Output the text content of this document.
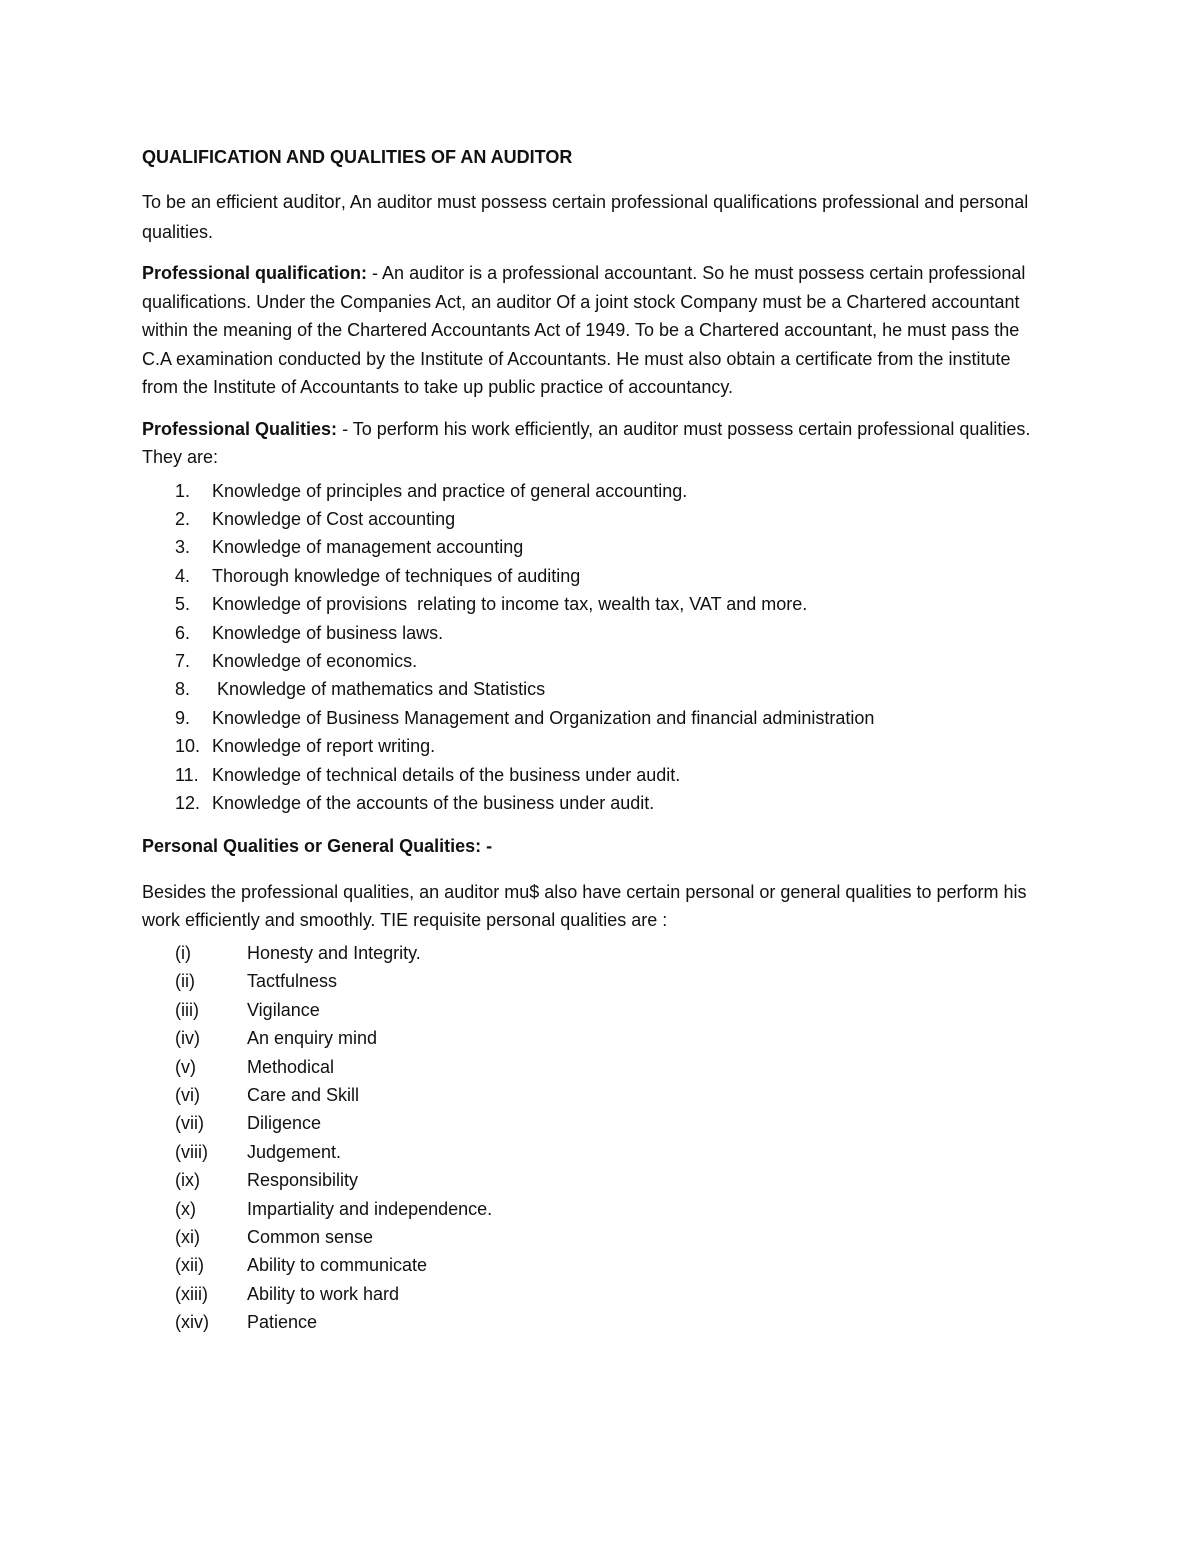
QUALIFICATION AND QUALITIES OF AN AUDITOR

To be an efficient auditor, An auditor must possess certain professional qualifications professional and personal qualities.

Professional qualification: - An auditor is a professional accountant. So he must possess certain professional qualifications. Under the Companies Act, an auditor Of a joint stock Company must be a Chartered accountant within the meaning of the Chartered Accountants Act of 1949. To be a Chartered accountant, he must pass the C.A examination conducted by the Institute of Accountants. He must also obtain a certificate from the institute from the Institute of Accountants to take up public practice of accountancy.

Professional Qualities: - To perform his work efficiently, an auditor must possess certain professional qualities. They are:

1.	Knowledge of principles and practice of general accounting.
2.	Knowledge of Cost accounting
3.	Knowledge of management accounting
4.	Thorough knowledge of techniques of auditing
5.	Knowledge of provisions  relating to income tax, wealth tax, VAT and more.
6.	Knowledge of business laws.
7.	Knowledge of economics.
8.	Knowledge of mathematics and Statistics
9.	Knowledge of Business Management and Organization and financial administration
10. Knowledge of report writing.
11. Knowledge of technical details of the business under audit.
12. Knowledge of the accounts of the business under audit.
Personal Qualities or General Qualities: -

Besides the professional qualities, an auditor mu$ also have certain personal or general qualities to perform his work efficiently and smoothly. TIE requisite personal qualities are :

(i)	Honesty and Integrity.
(ii)	Tactfulness
(iii)	Vigilance
(iv)	An enquiry mind
(v)	Methodical
(vi)	Care and Skill
(vii)	Diligence
(viii)	Judgement.
(ix)	Responsibility
(x)	Impartiality and independence.
(xi)	Common sense
(xii)	Ability to communicate
(xiii)	Ability to work hard
(xiv)	Patience
